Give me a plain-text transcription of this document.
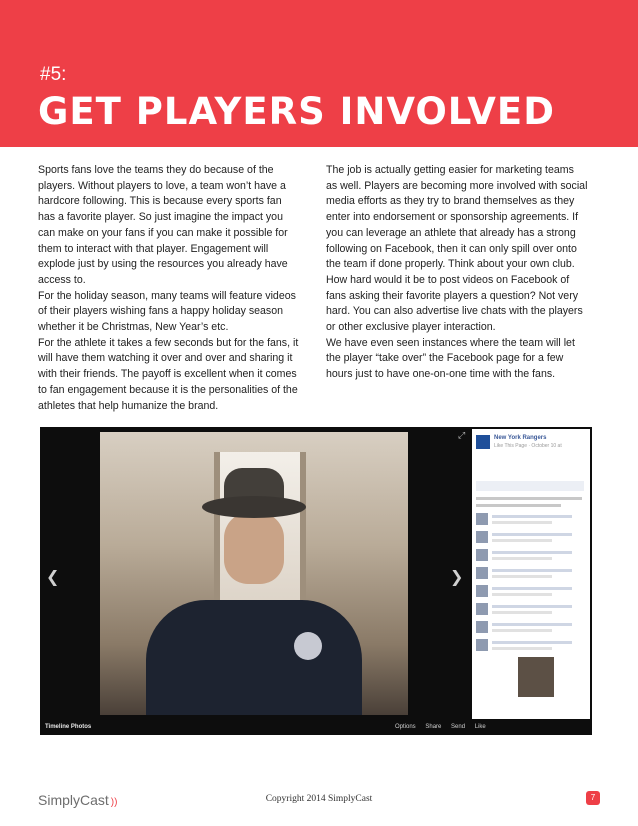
#5:
GET PLAYERS INVOLVED

Sports fans love the teams they do because of the players. Without players to love, a team won’t have a hardcore following. This is because every sports fan has a favorite player. So just imagine the impact you can make on your fans if you can make it possible for them to interact with that player. Engagement will explode just by using the resources you already have access to.

For the holiday season, many teams will feature videos of their players wishing fans a happy holiday season whether it be Christmas, New Year’s etc.

For the athlete it takes a few seconds but for the fans, it will have them watching it over and over and sharing it with their friends. The payoff is excellent when it comes to fan engagement because it is the personalities of the athletes that help humanize the brand.

The job is actually getting easier for marketing teams as well. Players are becoming more involved with social media efforts as they try to brand themselves as they enter into endorsement or sponsorship agreements. If you can leverage an athlete that already has a strong following on Facebook, then it can only spill over onto the team if done properly. Think about your own club. How hard would it be to post videos on Facebook of fans asking their favorite players a question? Not very hard. You can also advertise live chats with the players or other exclusive player interaction.

We have even seen instances where the team will let the player “take over” the Facebook page for a few hours just to have one-on-one time with the fans.

❮	❯
⤢
Timeline Photos	Options Share Send Like
New York Rangers
Like This Page · October 10 at
SimplyCast ))	Copyright 2014 SimplyCast	7
